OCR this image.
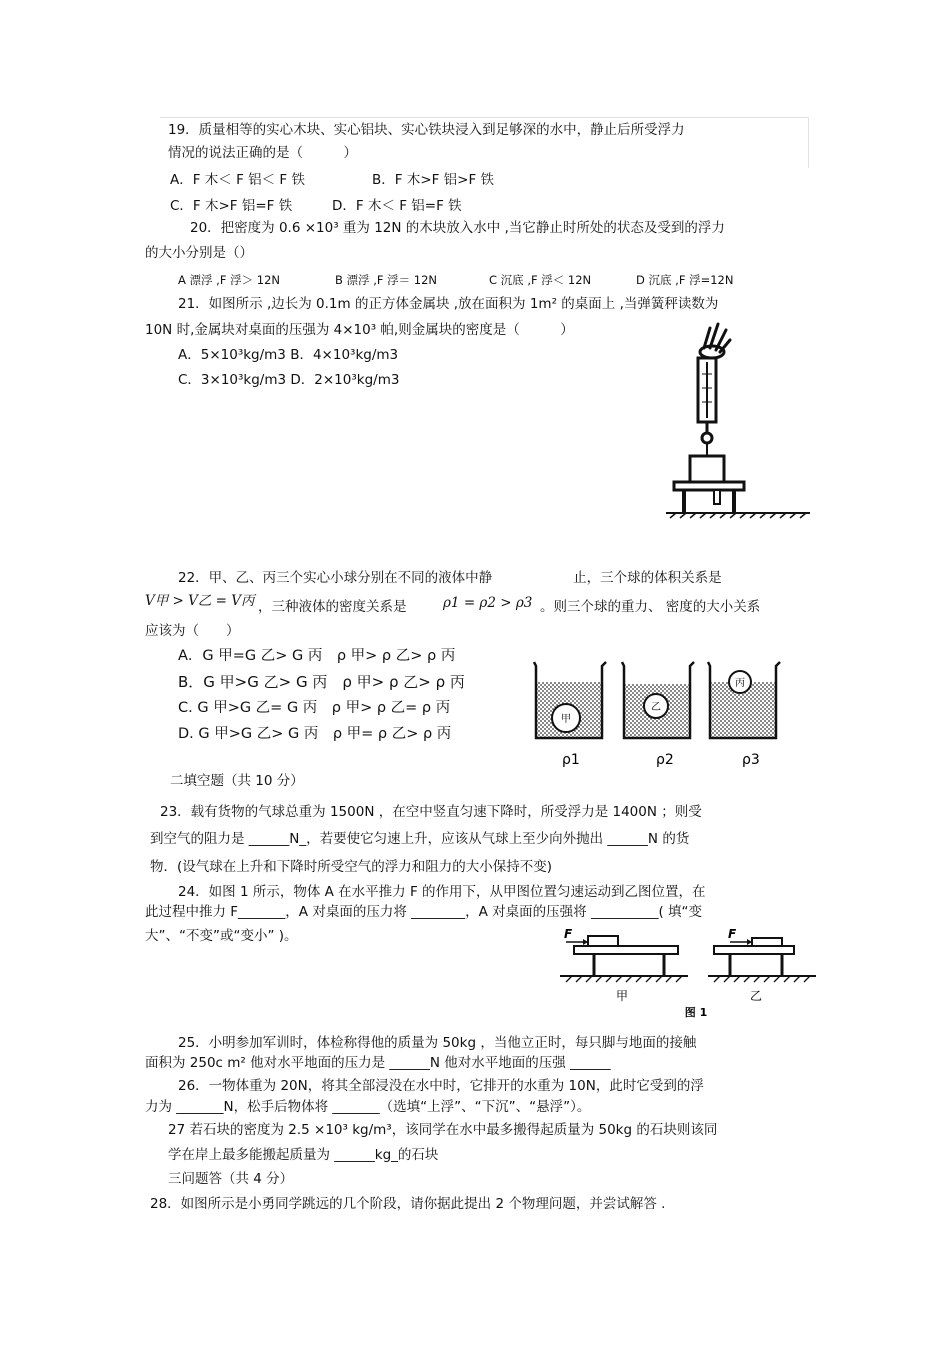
19．质量相等的实心木块、实心铝块、实心铁块浸入到足够深的水中，静止后所受浮力
情况的说法正确的是（　　　）
A．F 木＜ F 铝＜ F 铁	B．F 木>F 铝>F 铁
C．F 木>F 铝=F 铁	D．F 木＜ F 铝=F 铁
20．把密度为 0.6 ×10³ 重为 12N 的木块放入水中 ,当它静止时所处的状态及受到的浮力
的大小分别是（）
A 漂浮 ,F 浮＞ 12N	B 漂浮 ,F 浮＝ 12N	C 沉底 ,F 浮＜ 12N	D 沉底 ,F 浮=12N
21．如图所示 ,边长为 0.1m 的正方体金属块 ,放在面积为 1m² 的桌面上 ,当弹簧秤读数为
10N 时,金属块对桌面的压强为 4×10³ 帕,则金属块的密度是（　　　）
A．5×10³kg/m3 B．4×10³kg/m3
C．3×10³kg/m3 D．2×10³kg/m3
22．甲、乙、丙三个实心小球分别在不同的液体中静　　　　　　止，三个球的体积关系是
V甲 > V乙 = V丙 ，三种液体的密度关系是	ρ1 = ρ2 > ρ3 。则三个球的重力、 密度的大小关系
应该为（　　）
A．G 甲=G 乙> G 丙　ρ 甲> ρ 乙> ρ 丙
B．G 甲>G 乙> G 丙　ρ 甲> ρ 乙> ρ 丙
C. G 甲>G 乙= G 丙　ρ 甲> ρ 乙= ρ 丙
D. G 甲>G 乙> G 丙　ρ 甲= ρ 乙> ρ 丙
甲
乙
丙
ρ1	ρ2	ρ3
二填空题（共 10 分）
23．载有货物的气球总重为 1500N ，在空中竖直匀速下降时，所受浮力是 1400N ；则受
到空气的阻力是 ______N_，若要使它匀速上升，应该从气球上至少向外抛出 ______N 的货
物．(设气球在上升和下降时所受空气的浮力和阻力的大小保持不变)
24．如图 1 所示，物体 A 在水平推力 F 的作用下，从甲图位置匀速运动到乙图位置，在
此过程中推力 F_______，A 对桌面的压力将 ________，A 对桌面的压强将 __________( 填“变
大”、“不变”或“变小” )。	F
甲
F
乙
图 1
25．小明参加军训时，体检称得他的质量为 50kg ，当他立正时，每只脚与地面的接触
面积为 250c m² 他对水平地面的压力是 ______N 他对水平地面的压强 ______
26．一物体重为 20N，将其全部浸没在水中时，它排开的水重为 10N，此时它受到的浮
力为 _______N，松手后物体将 _______（选填“上浮”、“下沉”、“悬浮”）。
27 若石块的密度为 2.5 ×10³ kg/m³，该同学在水中最多搬得起质量为 50kg 的石块则该同
学在岸上最多能搬起质量为 ______kg_的石块
三问题答（共 4 分）
28．如图所示是小勇同学跳远的几个阶段，请你据此提出 2 个物理问题，并尝试解答 .
